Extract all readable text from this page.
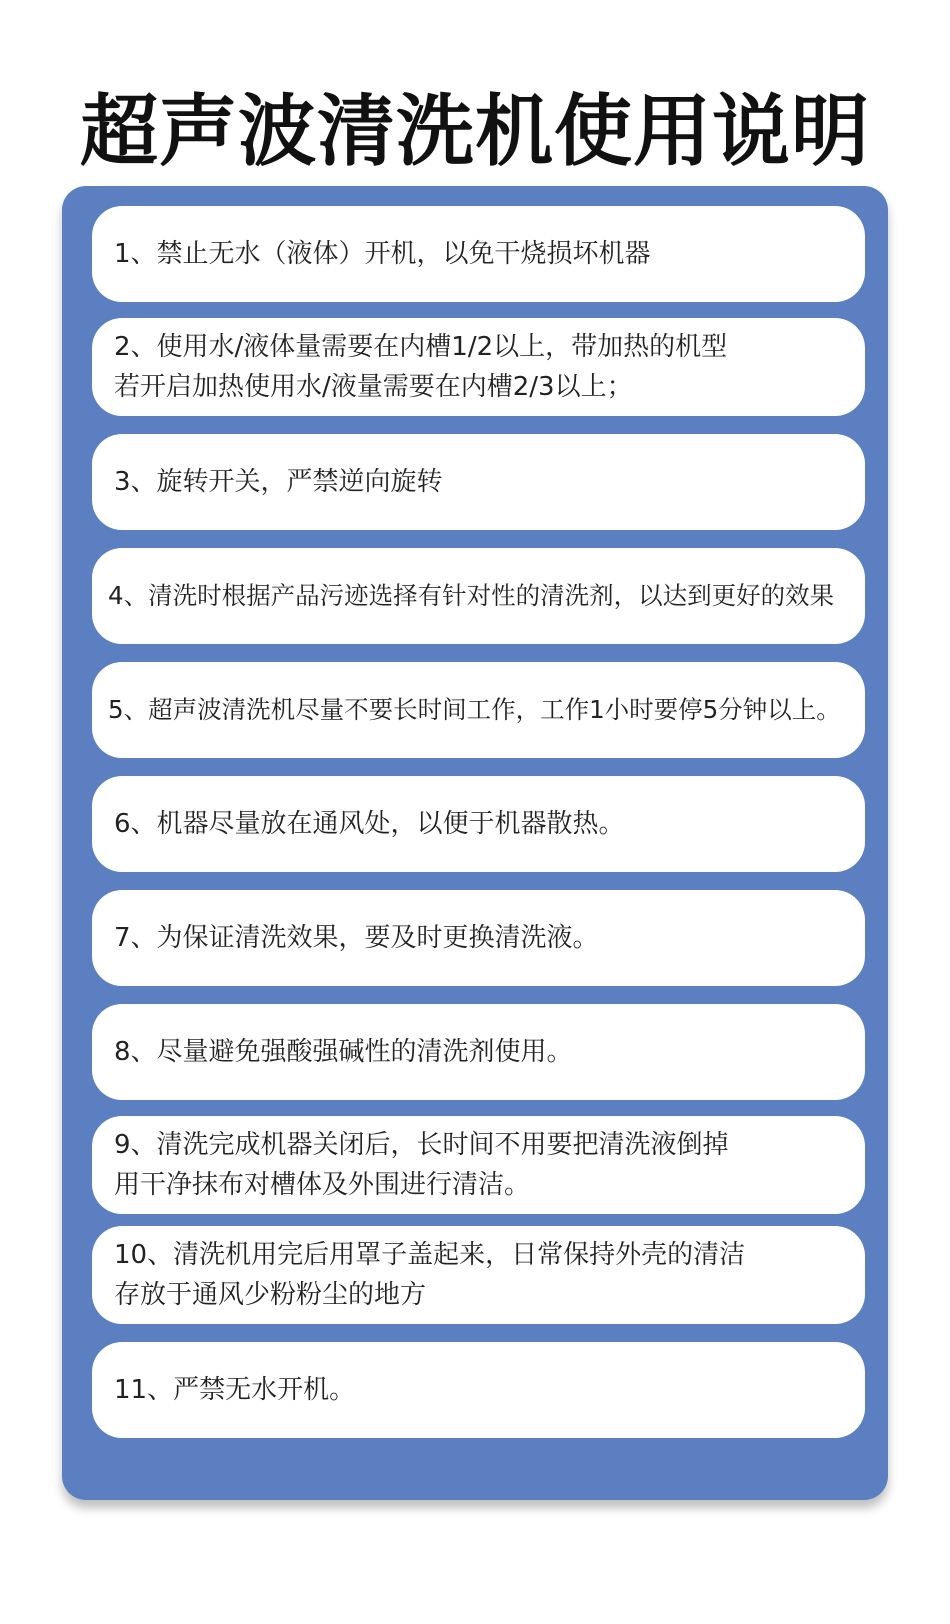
超声波清洗机使用说明
1、禁止无水（液体）开机，以免干烧损坏机器
2、使用水/液体量需要在内槽1/2以上，带加热的机型
若开启加热使用水/液量需要在内槽2/3以上；
3、旋转开关，严禁逆向旋转
4、清洗时根据产品污迹选择有针对性的清洗剂，以达到更好的效果
5、超声波清洗机尽量不要长时间工作，工作1小时要停5分钟以上。
6、机器尽量放在通风处，以便于机器散热。
7、为保证清洗效果，要及时更换清洗液。
8、尽量避免强酸强碱性的清洗剂使用。
9、清洗完成机器关闭后，长时间不用要把清洗液倒掉
用干净抹布对槽体及外围进行清洁。
10、清洗机用完后用罩子盖起来，日常保持外壳的清洁
存放于通风少粉粉尘的地方
11、严禁无水开机。
